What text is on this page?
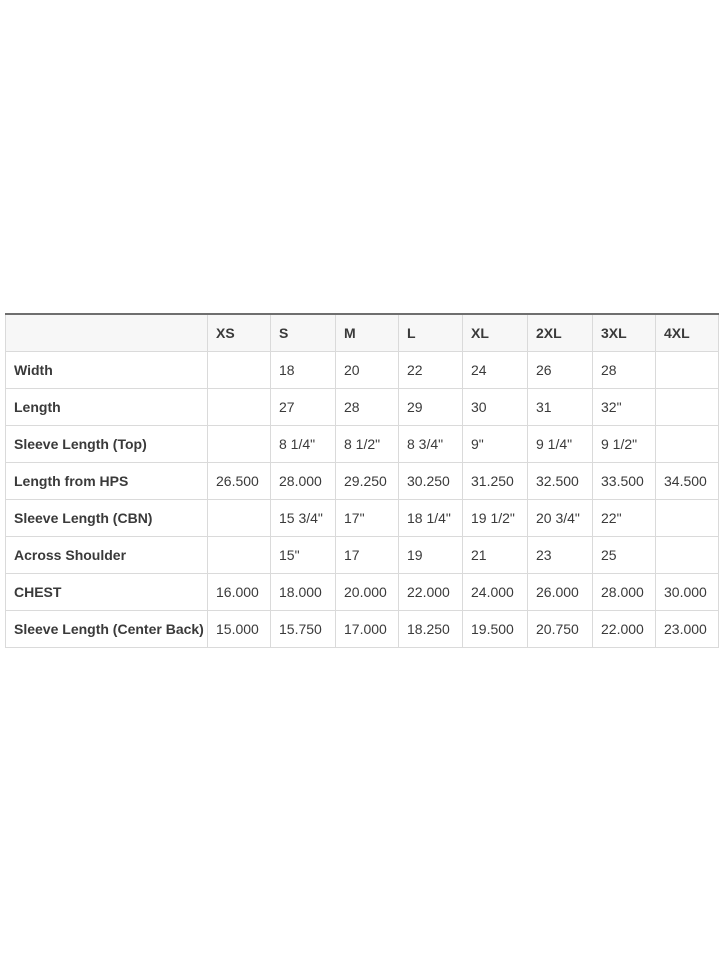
	XS	S	M	L	XL	2XL	3XL	4XL
Width		18	20	22	24	26	28	
Length		27	28	29	30	31	32"	
Sleeve Length (Top)		8 1/4"	8 1/2"	8 3/4"	9"	9 1/4"	9 1/2"	
Length from HPS	26.500	28.000	29.250	30.250	31.250	32.500	33.500	34.500
Sleeve Length (CBN)		15 3/4"	17"	18 1/4"	19 1/2"	20 3/4"	22"	
Across Shoulder		15"	17	19	21	23	25	
CHEST	16.000	18.000	20.000	22.000	24.000	26.000	28.000	30.000
Sleeve Length (Center Back)	15.000	15.750	17.000	18.250	19.500	20.750	22.000	23.000
